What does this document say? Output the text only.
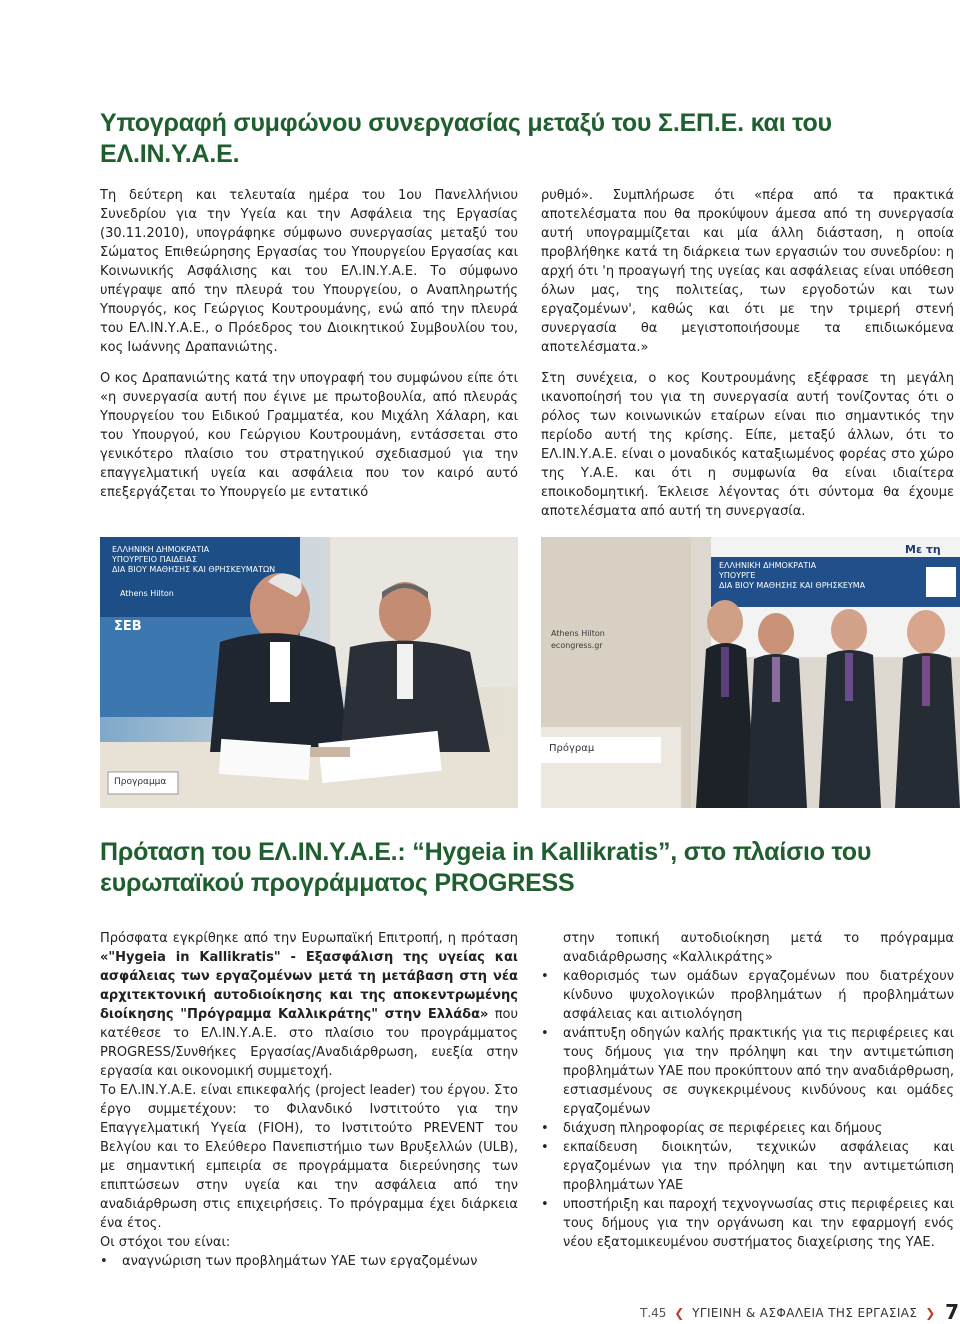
Υπογραφή συμφώνου συνεργασίας μεταξύ του Σ.ΕΠ.Ε. και του ΕΛ.ΙΝ.Υ.Α.Ε.

Τη δεύτερη και τελευταία ημέρα του 1ου Πανελλήνιου Συνεδρίου για την Υγεία και την Ασφάλεια της Εργασίας (30.11.2010), υπογράφηκε σύμφωνο συνεργασίας μεταξύ του Σώματος Επιθεώρησης Εργασίας του Υπουργείου Εργασίας και Κοινωνικής Ασφάλισης και του ΕΛ.ΙΝ.Υ.Α.Ε. Το σύμφωνο υπέγραψε από την πλευρά του Υπουργείου, ο Αναπληρωτής Υπουργός, κος Γεώργιος Κουτρουμάνης, ενώ από την πλευρά του ΕΛ.ΙΝ.Υ.Α.Ε., ο Πρόεδρος του Διοικητικού Συμβουλίου του, κος Ιωάννης Δραπανιώτης.

Ο κος Δραπανιώτης κατά την υπογραφή του συμφώνου είπε ότι «η συνεργασία αυτή που έγινε με πρωτοβουλία, από πλευράς Υπουργείου του Ειδικού Γραμματέα, κου Μιχάλη Χάλαρη, και του Υπουργού, κου Γεώργιου Κουτρουμάνη, εντάσσεται στο γενικότερο πλαίσιο του στρατηγικού σχεδιασμού για την επαγγελματική υγεία και ασφάλεια που τον καιρό αυτό επεξεργάζεται το Υπουργείο με εντατικό

ρυθμό». Συμπλήρωσε ότι «πέρα από τα πρακτικά αποτελέσματα που θα προκύψουν άμεσα από τη συνεργασία αυτή υπογραμμίζεται και μία άλλη διάσταση, η οποία προβλήθηκε κατά τη διάρκεια των εργασιών του συνεδρίου: η αρχή ότι 'η προαγωγή της υγείας και ασφάλειας είναι υπόθεση όλων μας, της πολιτείας, των εργοδοτών και των εργαζομένων', καθώς και ότι με την τριμερή στενή συνεργασία θα μεγιστοποιήσουμε τα επιδιωκόμενα αποτελέσματα.»

Στη συνέχεια, ο κος Κουτρουμάνης εξέφρασε τη μεγάλη ικανοποίησή του για τη συνεργασία αυτή τονίζοντας ότι ο ρόλος των κοινωνικών εταίρων είναι πιο σημαντικός την περίοδο αυτή της κρίσης. Είπε, μεταξύ άλλων, ότι το ΕΛ.ΙΝ.Υ.Α.Ε. είναι ο μοναδικός καταξιωμένος φορέας στο χώρο της Υ.Α.Ε. και ότι η συμφωνία θα είναι ιδιαίτερα εποικοδομητική. Έκλεισε λέγοντας ότι σύντομα θα έχουμε αποτελέσματα από αυτή τη συνεργασία.

ΕΛΛΗΝΙΚΗ ΔΗΜΟΚΡΑΤΙΑ
ΥΠΟΥΡΓΕΙΟ ΠΑΙΔΕΙΑΣ
ΔΙΑ ΒΙΟΥ ΜΑΘΗΣΗΣ ΚΑΙ ΘΡΗΣΚΕΥΜΑΤΩΝ
Athens Hilton
ΣΕΒ
Προγραμμα
Με τη
ΕΛΛΗΝΙΚΗ ΔΗΜΟΚΡΑΤΙΑ
ΥΠΟΥΡΓΕ
ΔΙΑ ΒΙΟΥ ΜΑΘΗΣΗΣ ΚΑΙ ΘΡΗΣΚΕΥΜΑ
Athens Hilton
econgress.gr
Πρόγραμ
Πρόταση του ΕΛ.ΙΝ.Υ.Α.Ε.: “Hygeia in Kallikratis”, στο πλαίσιο του ευρωπαϊκού προγράμματος PROGRESS

Πρόσφατα εγκρίθηκε από την Ευρωπαϊκή Επιτροπή, η πρόταση «"Hygeia in Kallikratis" - Εξασφάλιση της υγείας και ασφάλειας των εργαζομένων μετά τη μετάβαση στη νέα αρχιτεκτονική αυτοδιοίκησης και της αποκεντρωμένης διοίκησης "Πρόγραμμα Καλλικράτης" στην Ελλάδα» που κατέθεσε το ΕΛ.ΙΝ.Υ.Α.Ε. στο πλαίσιο του προγράμματος PROGRESS/Συνθήκες Εργασίας/Αναδιάρθρωση, ευεξία στην εργασία και οικονομική συμμετοχή.

Το ΕΛ.ΙΝ.Υ.Α.Ε. είναι επικεφαλής (project leader) του έργου. Στο έργο συμμετέχουν: το Φιλανδικό Ινστιτούτο για την Επαγγελματική Υγεία (FIOH), το Ινστιτούτο PREVENT του Βελγίου και το Ελεύθερο Πανεπιστήμιο των Βρυξελλών (ULB), με σημαντική εμπειρία σε προγράμματα διερεύνησης των επιπτώσεων στην υγεία και την ασφάλεια από την αναδιάρθρωση στις επιχειρήσεις. Το πρόγραμμα έχει διάρκεια ένα έτος.

Οι στόχοι του είναι:

• αναγνώριση των προβλημάτων ΥΑΕ των εργαζομένων

στην τοπική αυτοδιοίκηση μετά το πρόγραμμα αναδιάρθρωσης «Καλλικράτης»

• καθορισμός των ομάδων εργαζομένων που διατρέχουν κίνδυνο ψυχολογικών προβλημάτων ή προβλημάτων ασφάλειας και αιτιολόγηση
• ανάπτυξη οδηγών καλής πρακτικής για τις περιφέρειες και τους δήμους για την πρόληψη και την αντιμετώπιση προβλημάτων ΥΑΕ που προκύπτουν από την αναδιάρθρωση, εστιασμένους σε συγκεκριμένους κινδύνους και ομάδες εργαζομένων
• διάχυση πληροφορίας σε περιφέρειες και δήμους
• εκπαίδευση διοικητών, τεχνικών ασφάλειας και εργαζομένων για την πρόληψη και την αντιμετώπιση προβλημάτων ΥΑΕ
• υποστήριξη και παροχή τεχνογνωσίας στις περιφέρειες και τους δήμους για την οργάνωση και την εφαρμογή ενός νέου εξατομικευμένου συστήματος διαχείρισης της ΥΑΕ.
Τ.45 ❮ ΥΓΙΕΙΝΗ & ΑΣΦΑΛΕΙΑ ΤΗΣ ΕΡΓΑΣΙΑΣ ❯ 7
